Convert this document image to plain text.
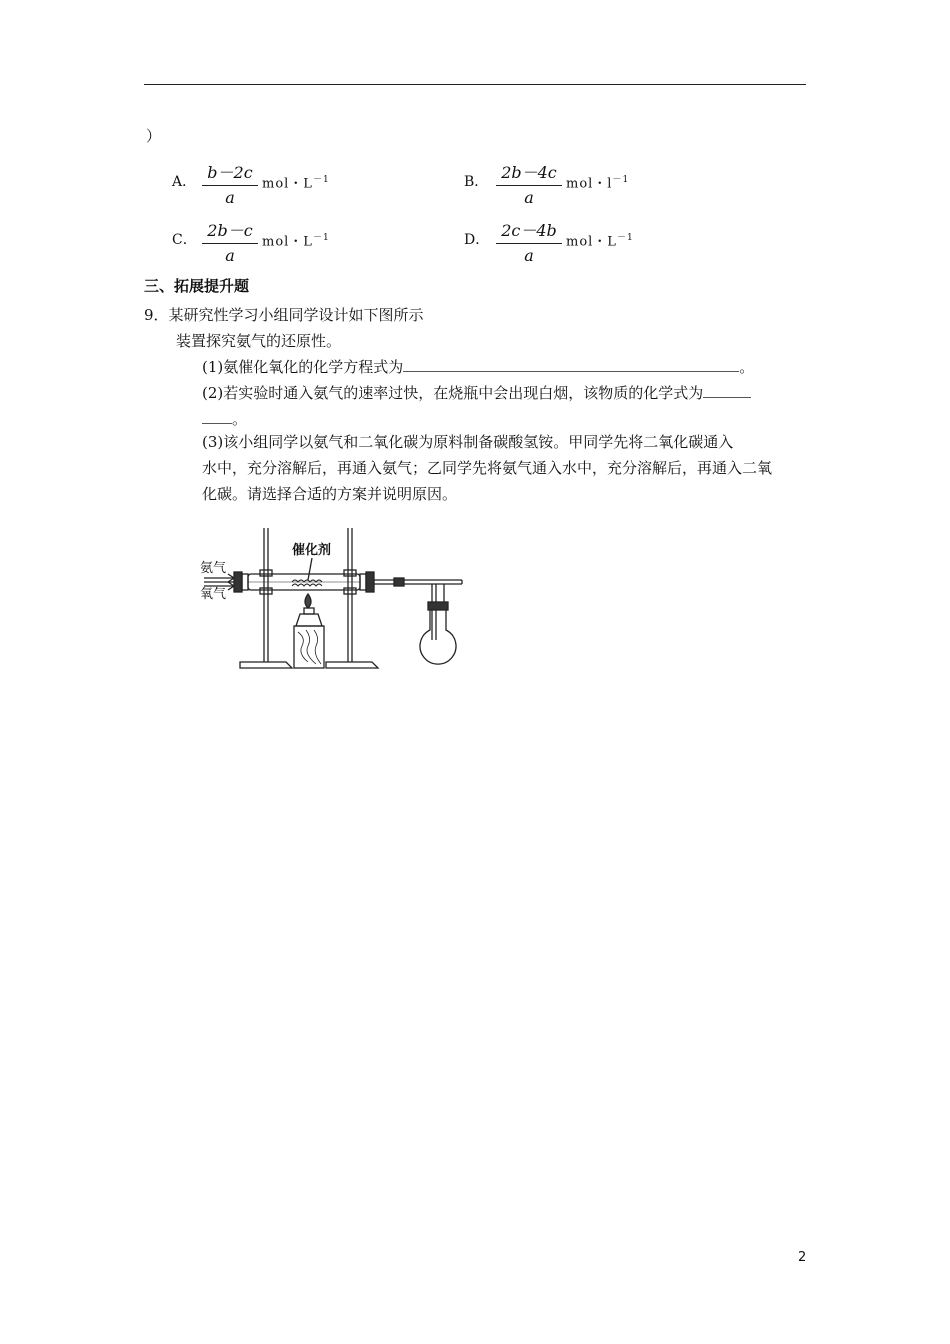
）
A． $\frac{b-2c}{a}$ mol・$L^{-1}$	B． $\frac{2b-4c}{a}$ mol・$l^{-1}$
C． $\frac{2b-c}{a}$ mol・$L^{-1}$	D． $\frac{2c-4b}{a}$ mol・$L^{-1}$
三、拓展提升题
9．某研究性学习小组同学设计如下图所示
装置探究氨气的还原性。
(1)氨催化氧化的化学方程式为	。
(2)若实验时通入氨气的速率过快，在烧瓶中会出现白烟，该物质的化学式为
。
(3)该小组同学以氨气和二氧化碳为原料制备碳酸氢铵。甲同学先将二氧化碳通入
水中，充分溶解后，再通入氨气；乙同学先将氨气通入水中，充分溶解后，再通入二氧
化碳。请选择合适的方案并说明原因。
催化剂
氨气
氧气
2
